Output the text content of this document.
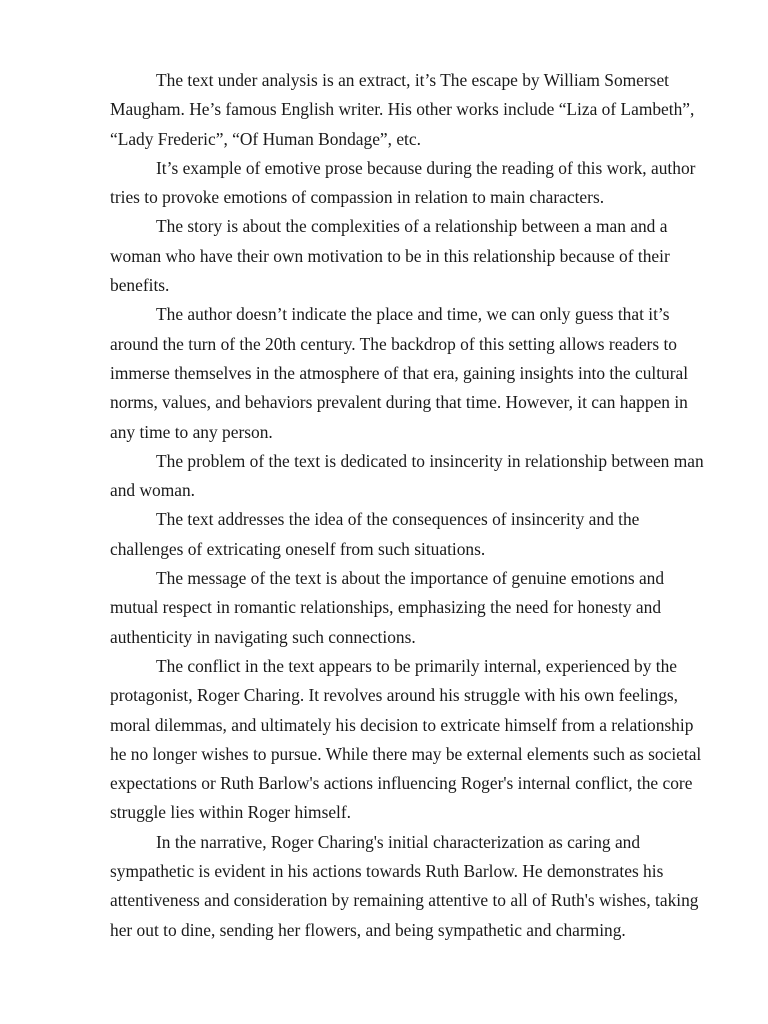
The text under analysis is an extract, it’s The escape by William Somerset Maugham. He’s famous English writer. His other works include “Liza of Lambeth”, “Lady Frederic”, “Of Human Bondage”, etc.

It’s example of emotive prose because during the reading of this work, author tries to provoke emotions of compassion in relation to main characters.

The story is about the complexities of a relationship between a man and a woman who have their own motivation to be in this relationship because of their benefits.

The author doesn’t indicate the place and time, we can only guess that it’s around the turn of the 20th century. The backdrop of this setting allows readers to immerse themselves in the atmosphere of that era, gaining insights into the cultural norms, values, and behaviors prevalent during that time. However, it can happen in any time to any person.

The problem of the text is dedicated to insincerity in relationship between man and woman.

The text addresses the idea of the consequences of insincerity and the challenges of extricating oneself from such situations.

The message of the text is about the importance of genuine emotions and mutual respect in romantic relationships, emphasizing the need for honesty and authenticity in navigating such connections.

The conflict in the text appears to be primarily internal, experienced by the protagonist, Roger Charing. It revolves around his struggle with his own feelings, moral dilemmas, and ultimately his decision to extricate himself from a relationship he no longer wishes to pursue. While there may be external elements such as societal expectations or Ruth Barlow's actions influencing Roger's internal conflict, the core struggle lies within Roger himself.

In the narrative, Roger Charing's initial characterization as caring and sympathetic is evident in his actions towards Ruth Barlow. He demonstrates his attentiveness and consideration by remaining attentive to all of Ruth's wishes, taking her out to dine, sending her flowers, and being sympathetic and charming.
